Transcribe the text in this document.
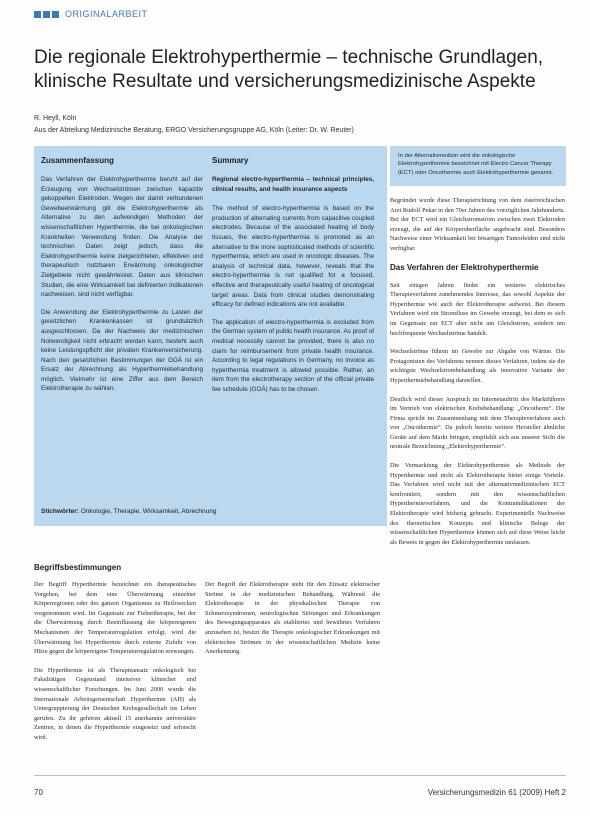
ORIGINALARBEIT
Die regionale Elektrohyperthermie – technische Grundlagen, klinische Resultate und versicherungsmedizinische Aspekte
R. Heyll, Köln
Aus der Abteilung Medizinische Beratung, ERGO Versicherungsgruppe AG, Köln (Leiter: Dr. W. Reuter)
Zusammenfassung

Das Verfahren der Elektrohyperthermie beruht auf der Erzeugung von Wechselströmen zwischen kapazitiv gekoppelten Elektroden. Wegen der damit verbundenen Gewebeerwärmung gilt die Elektrohyperthermie als Alternative zu den aufwendigen Methoden der wissenschaftlichen Hyperthermie, die bei onkologischen Krankheiten Verwendung finden. Die Analyse der technischen Daten zeigt jedoch, dass die Elektrohyperthermie keine zielgerichteten, effektiven und therapeutisch nutzbaren Erwärmung onkologischer Zielgebiete nicht gewährleistet. Daten aus klinischen Studien, die eine Wirksamkeit bei definierten Indikationen nachweisen, sind nicht verfügbar.

Die Anwendung der Elektrohyperthermie zu Lasten der gesetzlichen Krankenkassen ist grundsätzlich ausgeschlossen. Da der Nachweis der medizinischen Notwendigkeit nicht erbracht werden kann, besteht auch keine Leistungspflicht der privaten Krankenversicherung. Nach den gesetzlichen Bestimmungen der GOÄ ist ein Ersatz der Abrechnung als Hyperthermiebehandlung möglich. Vielmehr ist eine Ziffer aus dem Bereich Elektrotherapie zu wählen.

Summary

Regional electro-hyperthermia – technical principles, clinical results, and health insurance aspects

The method of electro-hyperthermia is based on the production of alternating currents from capacitive coupled electrodes. Because of the associated heating of body tissues, the electro-hyperthermia is promoted as an alternative to the more sophisticated methods of scientific hyperthermia, which are used in oncologic diseases. The analysis of technical data, however, reveals that the electro-hyperthermia is not qualified for a focused, effective and therapeutically useful heating of oncological target areas. Data from clinical studies demonstrating efficacy for defined indications are not available.

The application of electro-hyperthermia is excluded from the German system of public health insurance. As proof of medical necessity cannot be provided, there is also no claim for reimbursement from private health insurance. According to legal regulations in Germany, no invoice as hyperthermia treatment is allowed possible. Rather, an item from the electrotherapy section of the official private fee schedule (GOÄ) has to be chosen.

Stichwörter: Onkologie, Therapie, Wirksamkeit, Abrechnung
In der Alternativmedizin wird die onkologische Elektrohyperthermie bezeichnet mit Electro Cancer Therapy (ECT) oder Oncothermie auch Elektrohyperthermie genannt.

Begründet wurde diese Therapierichtung von dem österreichischen Arzt Rudolf Pekar in den 70er Jahren des vorzüglichen Jahrhunderts. Bei der ECT wird ein Gleichstromstrom zwischen zwei Elektroden erzeugt, die auf der Körperoberfläche angebracht sind. Besonders Nachweise einer Wirksamkeit bei bösartigen Tumorleiden sind nicht verfügbar.

Das Verfahren der Elektrohyperthermie

Seit einigen Jahren findet ein weiteres elektrisches Therapieverfahren zunehmendes Interesse, das sowohl Aspekte der Hyperthermie wie auch der Elektrotherapie aufweist. Bei diesem Verfahren wird ein Stromfluss im Gewebe erzeugt, bei dem es sich im Gegensatz zur ECT aber nicht um Gleichstrom, sondern um hochfrequente Wechselströme handelt.

Wechselströme führen im Gewebe zur Abgabe von Wärme. Die Protagonisten des Verfahrens nennen dieses Verfahren, indem sie die wichtigste Wechselstrombehandlung als innovative Variante der Hyperthermiebehandlung darstellen.

Deutlich wird dieser Anspruch im Internetauftritt des Marktführers im Vertrieb von elektrischen Krebsbehandlung: „Oncotherm“. Die Firma spricht im Zusammenhang mit dem Therapieverfahren auch von „Oncothermie“. Da jedoch bereits weitere Hersteller ähnliche Geräte auf dem Markt bringen, empfiehlt sich aus unserer Sicht die neutrale Bezeichnung „Elektrohyperthermie“.

Die Vermarktung der Elektrohyperthermie als Methode der Hyperthermie und nicht als Elektrotherapie bietet einige Vorteile. Das Verfahren wird nicht mit der alternativmedizinischen ECT konfrontiert, sondern mit den wissenschaftlichen Hyperthermieverfahren, und die Kontraindikationen der Elektrotherapie wird bisherig gebracht. Experimentelle Nachweise des theoretischen Konzepts und klinische Belege der wissenschaftlichen Hyperthermie können sich auf diese Weise leicht als Beweis in gegen der Elektrohyperthermie umfassen.

Begriffsbestimmungen

Der Begriff Hyperthermie bezeichnet ein therapeutisches Vorgehen, bei dem eine Überwärmung einzelner Körperregionen oder des ganzen Organismus zu Heilzwecken vorgenommen wird. Im Gegensatz zur Fiebertherapie, bei der die Überwärmung durch Beeinflussung der körpereigenen Mechanismen der Temperaturregulation erfolgt, wird die Überwärmung bei Hyperthermie durch externe Zufuhr von Hitze gegen die körpereigene Temperaturregulation erzwungen.

Die Hyperthermie ist als Therapieansatz onkologisch bei Fakultätigen Gegenstand intensiver klinischer und wissenschaftlicher Forschungen. Im Juni 2000 wurde die Internationale Arbeitsgemeinschaft Hyperthermie (AH) als Untergruppierung der Deutschen Krebsgesellschaft ins Leben gerufen. Zu ihr gehören aktuell 15 anerkannte universitäre Zentren, in denen die Hyperthermie eingesetzt und erforscht wird.

Der Begriff der Elektrotherapie steht für den Einsatz elektrischer Ströme in der medizinischen Behandlung. Während die Elektrotherapie in der physikalischen Therapie von Schmerzsyndromen, neurologischen Störungen und Erkrankungen des Bewegungsapparates als etabliertes und bewährtes Verfahren anzusehen ist, besitzt die Therapie onkologischer Erkrankungen mit elektrischen Strömen in der wissenschaftlichen Medizin keine Anerkennung.

70	Versicherungsmedizin 61 (2009) Heft 2
